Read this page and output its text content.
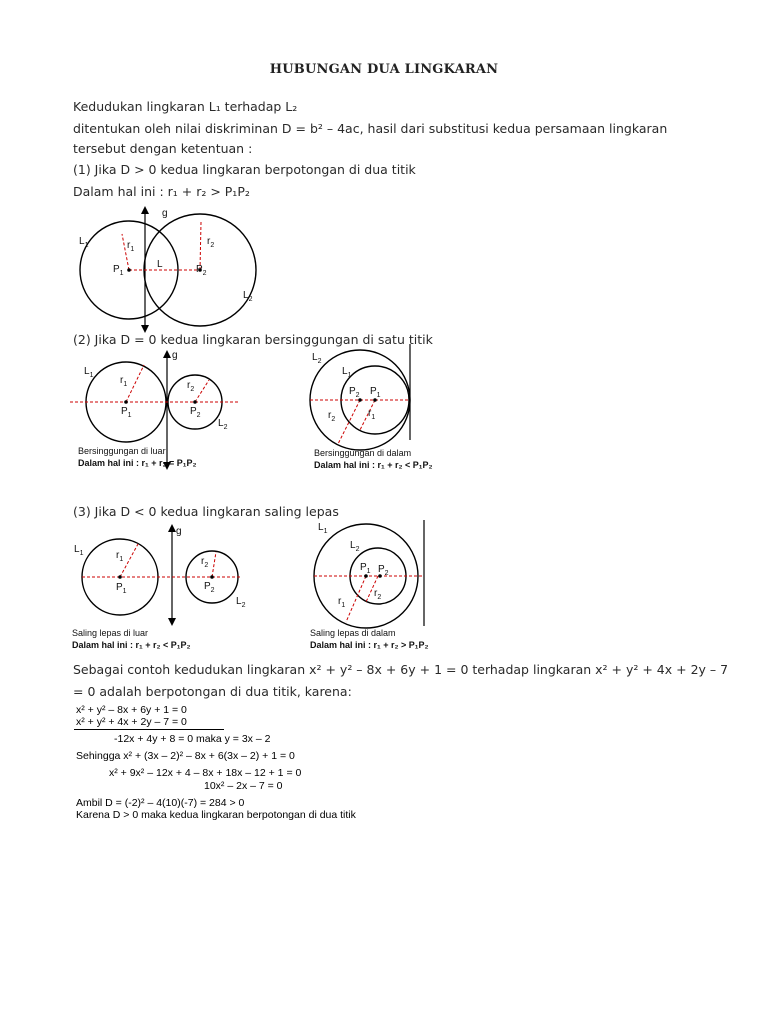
HUBUNGAN DUA LINGKARAN
Kedudukan lingkaran L₁ terhadap L₂
ditentukan oleh nilai diskriminan D = b² – 4ac, hasil dari substitusi kedua persamaan lingkaran
tersebut dengan ketentuan :
(1) Jika D > 0 kedua lingkaran berpotongan di dua titik
Dalam hal ini : r₁ + r₂ > P₁P₂
g
$L_1$
$L_2$
$r_1$
$r_2$
$P_1$	$P_2$
L
(2) Jika D = 0 kedua lingkaran bersinggungan di satu titik
g
$L_1$
$L_2$
$r_1$	$r_2$
$P_1$	$P_2$
Bersinggungan di luar
Dalam hal ini : r₁ + r₂ = P₁P₂
$L_2$
$L_1$
$P_2$ $P_1$
$r_2$
$r_1$
Bersinggungan di dalam
Dalam hal ini : r₁ + r₂ < P₁P₂
(3) Jika D < 0 kedua lingkaran saling lepas
g
$L_1$
$L_2$
$r_1$	$r_2$
$P_1$	$P_2$
Saling lepas di luar
Dalam hal ini : r₁ + r₂ < P₁P₂
$L_1$
$L_2$
$P_1$ $P_2$
$r_1$
$r_2$
Saling lepas di dalam
Dalam hal ini : r₁ + r₂ > P₁P₂
Sebagai contoh kedudukan lingkaran x² + y² – 8x + 6y + 1 = 0 terhadap lingkaran x² + y² + 4x + 2y – 7
= 0 adalah berpotongan di dua titik, karena:
x² + y² – 8x + 6y + 1 = 0
x² + y² + 4x + 2y – 7 = 0
-12x + 4y + 8 = 0 maka y = 3x – 2
Sehingga x² + (3x – 2)² – 8x + 6(3x – 2) + 1 = 0
x² + 9x² – 12x + 4 – 8x + 18x – 12 + 1 = 0
10x² – 2x – 7 = 0
Ambil D = (-2)² – 4(10)(-7) = 284 > 0
Karena D > 0 maka kedua lingkaran berpotongan di dua titik
